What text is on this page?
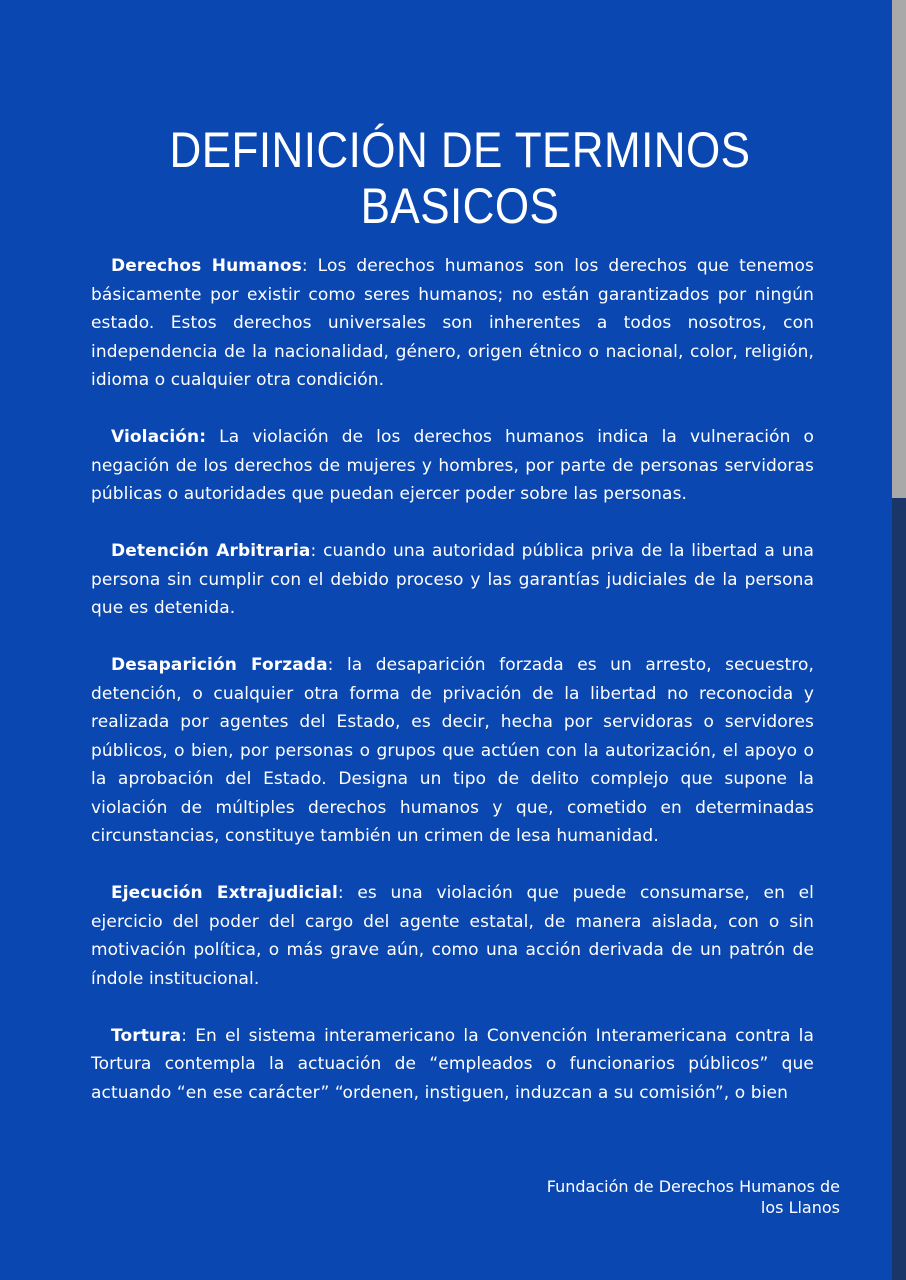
DEFINICIÓN DE TERMINOS
BASICOS

Derechos Humanos: Los derechos humanos son los derechos que tenemos básicamente por existir como seres humanos; no están garantizados por ningún estado. Estos derechos universales son inherentes a todos nosotros, con independencia de la nacionalidad, género, origen étnico o nacional, color, religión, idioma o cualquier otra condición.

Violación: La violación de los derechos humanos indica la vulneración o negación de los derechos de mujeres y hombres, por parte de personas servidoras públicas o autoridades que puedan ejercer poder sobre las personas.

Detención Arbitraria: cuando una autoridad pública priva de la libertad a una persona sin cumplir con el debido proceso y las garantías judiciales de la persona que es detenida.

Desaparición Forzada: la desaparición forzada es un arresto, secuestro, detención, o cualquier otra forma de privación de la libertad no reconocida y realizada por agentes del Estado, es decir, hecha por servidoras o servidores públicos, o bien, por personas o grupos que actúen con la autorización, el apoyo o la aprobación del Estado. Designa un tipo de delito complejo que supone la violación de múltiples derechos humanos y que, cometido en determinadas circunstancias, constituye también un crimen de lesa humanidad.

Ejecución Extrajudicial: es una violación que puede consumarse, en el ejercicio del poder del cargo del agente estatal, de manera aislada, con o sin motivación política, o más grave aún, como una acción derivada de un patrón de índole institucional.

Tortura: En el sistema interamericano la Convención Interamericana contra la Tortura contempla la actuación de “empleados o funcionarios públicos” que actuando “en ese carácter” “ordenen, instiguen, induzcan a su comisión”, o bien

Fundación de Derechos Humanos de
los Llanos
